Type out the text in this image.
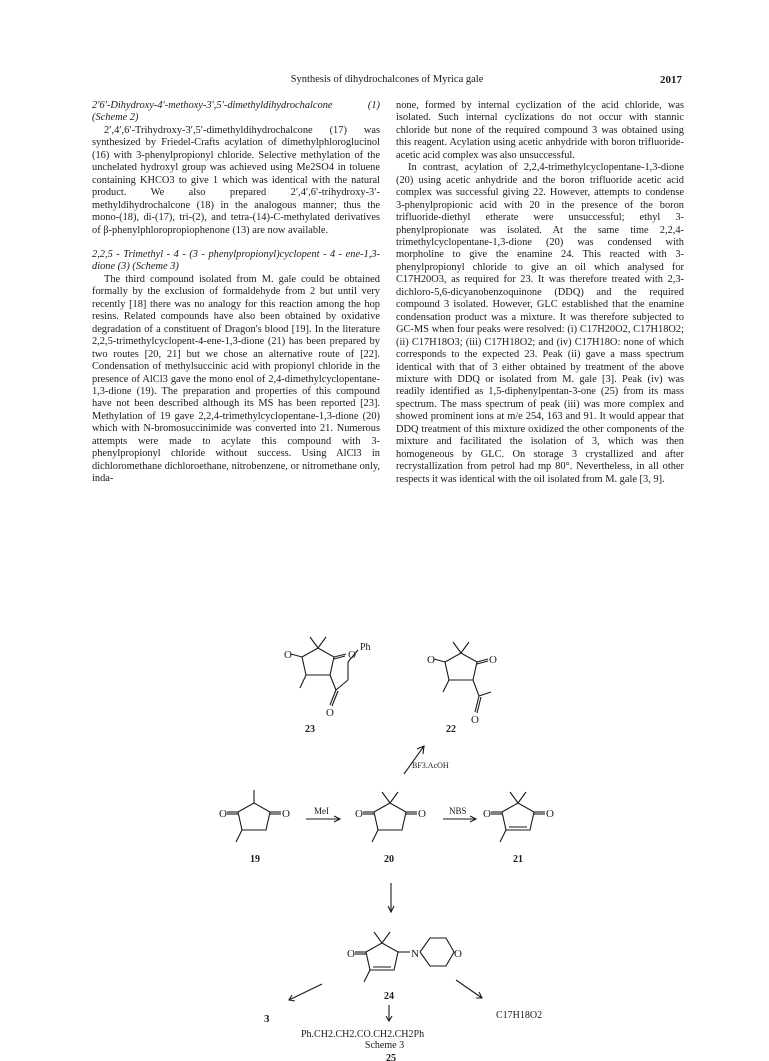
Synthesis of dihydrochalcones of Myrica gale	2017

2′6′-Dihydroxy-4′-methoxy-3′,5′-dimethyldihydrochalcone (1) (Scheme 2)

2′,4′,6′-Trihydroxy-3′,5′-dimethyldihydrochalcone (17) was synthesized by Friedel-Crafts acylation of dimethylphloroglucinol (16) with 3-phenylpropionyl chloride. Selective methylation of the unchelated hydroxyl group was achieved using Me2SO4 in toluene containing KHCO3 to give 1 which was identical with the natural product. We also prepared 2′,4′,6′-trihydroxy-3′-methyldihydrochalcone (18) in the analogous manner; thus the mono-(18), di-(17), tri-(2), and tetra-(14)-C-methylated derivatives of β-phenylphloropropiophenone (13) are now available.

2,2,5 - Trimethyl - 4 - (3 - phenylpropionyl)cyclopent - 4 - ene-1,3-dione (3) (Scheme 3)

The third compound isolated from M. gale could be obtained formally by the exclusion of formaldehyde from 2 but until very recently [18] there was no analogy for this reaction among the hop resins. Related compounds have also been obtained by oxidative degradation of a constituent of Dragon's blood [19]. In the literature 2,2,5-trimethylcyclopent-4-ene-1,3-dione (21) has been prepared by two routes [20, 21] but we chose an alternative route of [22]. Condensation of methylsuccinic acid with propionyl chloride in the presence of AlCl3 gave the mono enol of 2,4-dimethylcyclopentane-1,3-dione (19). The preparation and properties of this compound have not been described although its MS has been reported [23]. Methylation of 19 gave 2,2,4-trimethylcyclopentane-1,3-dione (20) which with N-bromosuccinimide was converted into 21. Numerous attempts were made to acylate this compound with 3-phenylpropionyl chloride without success. Using AlCl3 in dichloromethane dichloroethane, nitrobenzene, or nitromethane only, inda-

none, formed by internal cyclization of the acid chloride, was isolated. Such internal cyclizations do not occur with stannic chloride but none of the required compound 3 was obtained using this reagent. Acylation using acetic anhydride with boron trifluoride-acetic acid complex was also unsuccessful.

In contrast, acylation of 2,2,4-trimethylcyclopentane-1,3-dione (20) using acetic anhydride and the boron trifluoride acetic acid complex was successful giving 22. However, attempts to condense 3-phenylpropionic acid with 20 in the presence of the boron trifluoride-diethyl etherate were unsuccessful; ethyl 3-phenylpropionate was isolated. At the same time 2,2,4-trimethylcyclopentane-1,3-dione (20) was condensed with morpholine to give the enamine 24. This reacted with 3-phenylpropionyl chloride to give an oil which analysed for C17H20O3, as required for 23. It was therefore treated with 2,3-dichloro-5,6-dicyanobenzoquinone (DDQ) and the required compound 3 isolated. However, GLC established that the enamine condensation product was a mixture. It was therefore subjected to GC-MS when four peaks were resolved: (i) C17H20O2, C17H18O2; (ii) C17H18O3; (iii) C17H18O2; and (iv) C17H18O: none of which corresponds to the expected 23. Peak (ii) gave a mass spectrum identical with that of 3 either obtained by treatment of the above mixture with DDQ or isolated from M. gale [3]. Peak (iv) was readily identified as 1,5-diphenylpentan-3-one (25) from its mass spectrum. The mass spectrum of peak (iii) was more complex and showed prominent ions at m/e 254, 163 and 91. It would appear that DDQ treatment of this mixture oxidized the other components of the mixture and facilitated the isolation of 3, which was then homogeneous by GLC. On storage 3 crystallized and after recrystallization from petrol had mp 80°. Nevertheless, in all other respects it was identical with the oil isolated from M. gale [3, 9].

O	O
O
Ph
23
O	O
O
22
BF3.AcOH
O	O
19
MeI O	O
20
NBS O	O
21
O	N	O
24
3
Ph.CH2.CH2.CO.CH2.CH2Ph
25
C17H18O2
Scheme 3
